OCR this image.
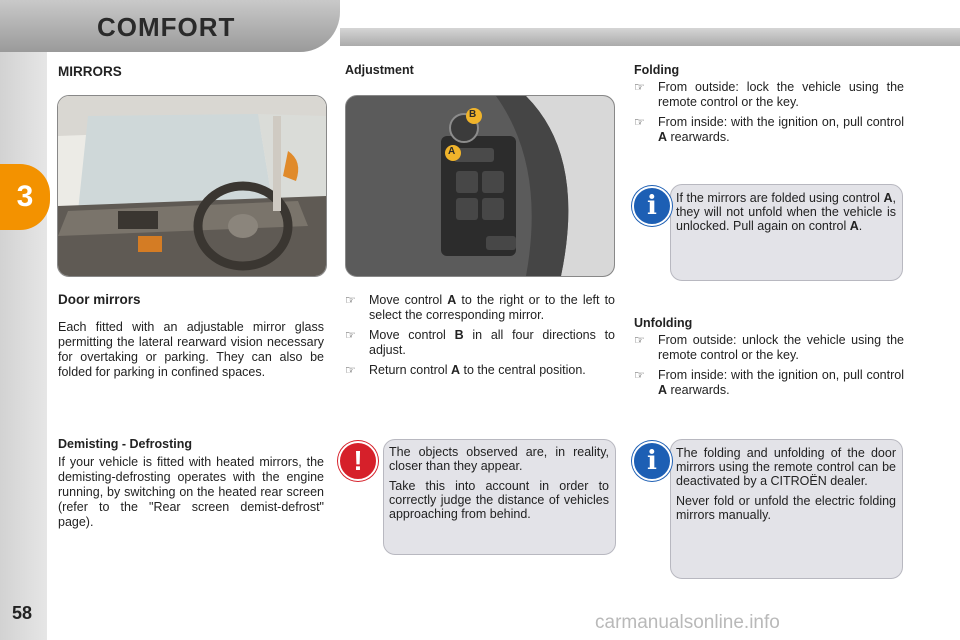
COMFORT
3
58
MIRRORS
Door mirrors
Each fitted with an adjustable mirror glass permitting the lateral rearward vision necessary for overtaking or parking. They can also be folded for parking in confined spaces.
Demisting - Defrosting
If your vehicle is fitted with heated mirrors, the demisting-defrosting operates with the engine running, by switching on the heated rear screen (refer to the "Rear screen demist-defrost" page).
Adjustment
B
A
☞ Move control A to the right or to the left to select the corresponding mirror.
☞ Move control B in all four directions to adjust.
☞ Return control A to the central position.
!	The objects observed are, in reality, closer than they appear.

Take this into account in order to correctly judge the distance of vehicles approaching from behind.

Folding
☞ From outside: lock the vehicle using the remote control or the key.
☞ From inside: with the ignition on, pull control A rearwards.
i	If the mirrors are folded using control A, they will not unfold when the vehicle is unlocked. Pull again on control A.

Unfolding
☞ From outside: unlock the vehicle using the remote control or the key.
☞ From inside: with the ignition on, pull control A rearwards.
i	The folding and unfolding of the door mirrors using the remote control can be deactivated by a CITROËN dealer.

Never fold or unfold the electric folding mirrors manually.

carmanualsonline.info
